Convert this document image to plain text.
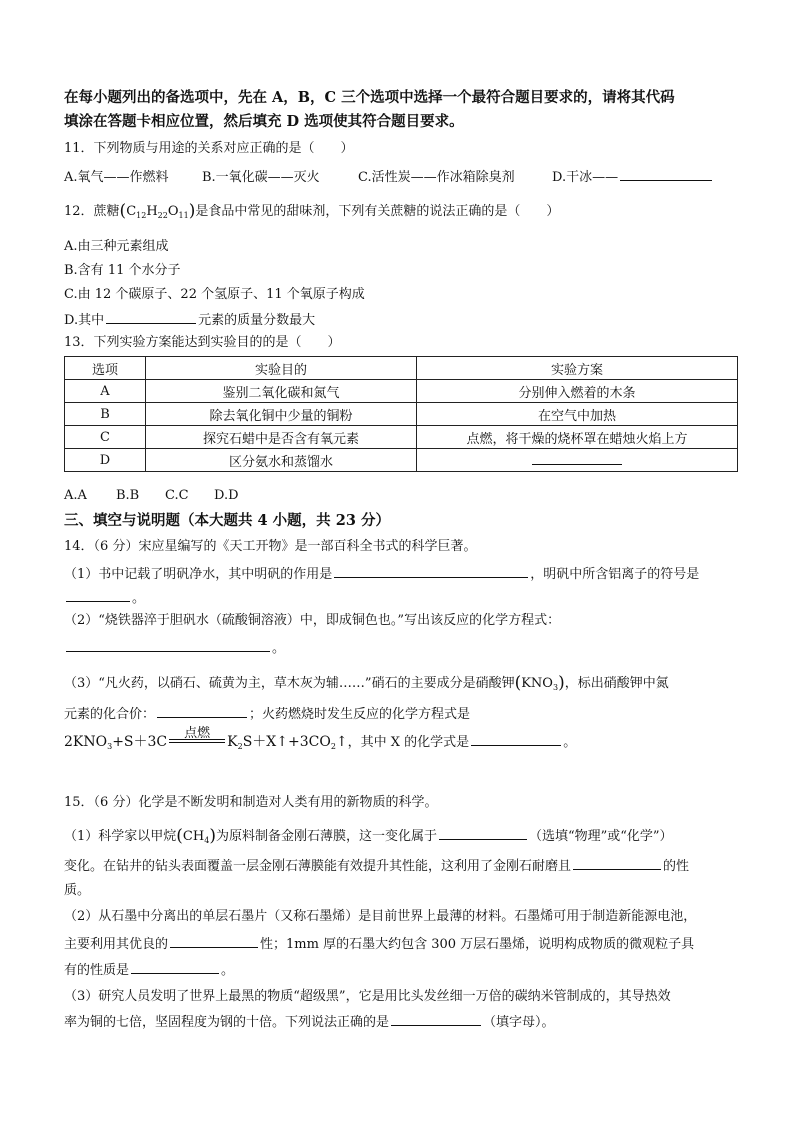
在每小题列出的备选项中，先在 A，B，C 三个选项中选择一个最符合题目要求的，请将其代码
填涂在答题卡相应位置，然后填充 D 选项使其符合题目要求。
11．下列物质与用途的关系对应正确的是（　　）
A.氧气——作燃料	B.一氧化碳——灭火	C.活性炭——作冰箱除臭剂	D.干冰——
12．蔗糖$(C_{12}H_{22}O_{11})$是食品中常见的甜味剂，下列有关蔗糖的说法正确的是（　　）
A.由三种元素组成
B.含有 11 个水分子
C.由 12 个碳原子、22 个氢原子、11 个氧原子构成
D.其中	元素的质量分数最大
13．下列实验方案能达到实验目的的是（　　）
选项	实验目的	实验方案
A	鉴别二氧化碳和氮气	分别伸入燃着的木条
B	除去氧化铜中少量的铜粉	在空气中加热
C	探究石蜡中是否含有氧元素	点燃，将干燥的烧杯罩在蜡烛火焰上方
D	区分氨水和蒸馏水	
A.A B.B C.C D.D
三、填空与说明题（本大题共 4 小题，共 23 分）
14．（6 分）宋应星编写的《天工开物》是一部百科全书式的科学巨著。
（1）书中记载了明矾净水，其中明矾的作用是	，明矾中所含铝离子的符号是
。
（2）“烧铁器淬于胆矾水（硫酸铜溶液）中，即成铜色也。”写出该反应的化学方程式：
。
（3）“凡火药，以硝石、硫黄为主，草木灰为辅……”硝石的主要成分是硝酸钾$(KNO_3)$，标出硝酸钾中氮
元素的化合价：	；火药燃烧时发生反应的化学方程式是
$2KNO_3+S+3C$
点燃
$K_2S+X↑+3CO_2↑$，其中 X 的化学式是	。
15．（6 分）化学是不断发明和制造对人类有用的新物质的科学。
（1）科学家以甲烷$(CH_4)$为原料制备金刚石薄膜，这一变化属于	（选填“物理”或“化学”）
变化。在钻井的钻头表面覆盖一层金刚石薄膜能有效提升其性能，这利用了金刚石耐磨且	的性
质。
（2）从石墨中分离出的单层石墨片（又称石墨烯）是目前世界上最薄的材料。石墨烯可用于制造新能源电池，
主要利用其优良的	性；1mm 厚的石墨大约包含 300 万层石墨烯，说明构成物质的微观粒子具
有的性质是	。
（3）研究人员发明了世界上最黑的物质“超级黑”，它是用比头发丝细一万倍的碳纳米管制成的，其导热效
率为铜的七倍，坚固程度为钢的十倍。下列说法正确的是	（填字母）。
